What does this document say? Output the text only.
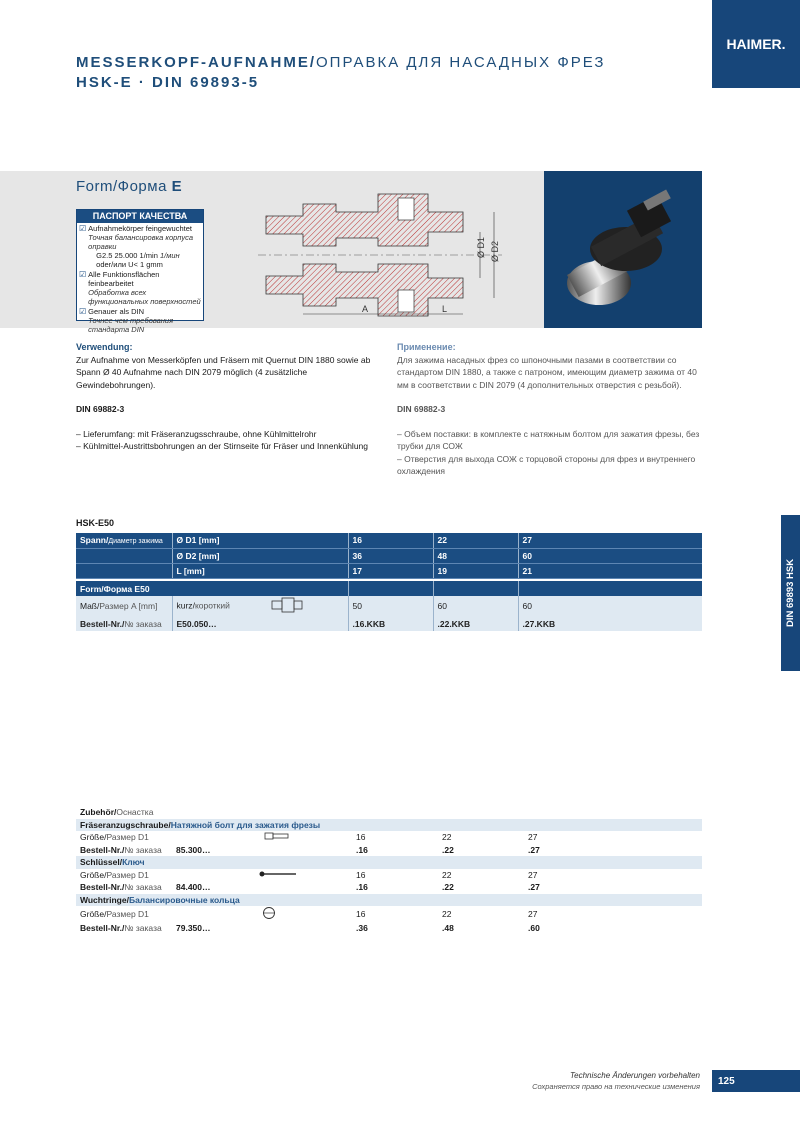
HAIMER.
MESSERKOPF-AUFNAHME/ОПРАВКА ДЛЯ НАСАДНЫХ ФРЕЗ
HSK-E · DIN 69893-5
Form/Форма E
ПАСПОРТ КАЧЕСТВА
☑ Aufnahmekörper feingewuchtet
Точная балансировка корпуса оправки
G2.5 25.000 1/min 1/мин
oder/или U< 1 gmm
☑ Alle Funktionsflächen feinbearbeitet
Обработка всех функциональных поверхностей
☑ Genauer als DIN
Точнее чем требования стандарта DIN
A	L
Ø D1 Ø D2
Verwendung:
Zur Aufnahme von Messerköpfen und Fräsern mit Quernut DIN 1880 sowie ab Spann Ø 40 Aufnahme nach DIN 2079 möglich (4 zusätzliche Gewindebohrungen).
DIN 69882-3
– Lieferumfang: mit Fräseranzugsschraube, ohne Kühlmittelrohr
– Kühlmittel-Austrittsbohrungen an der Stirnseite für Fräser und Innenkühlung
Применение:
Для зажима насадных фрез со шпоночными пазами в соответствии со стандартом DIN 1880, а также с патроном, имеющим диаметр зажима от 40 мм в соответствии с DIN 2079 (4 дополнительных отверстия с резьбой).
DIN 69882-3
– Объем поставки: в комплекте с натяжным болтом для зажатия фрезы, без трубки для СОЖ
– Отверстия для выхода СОЖ с торцовой стороны для фрез и внутреннего охлаждения
HSK-E50
Spann/Диаметр зажима	Ø D1 [mm]	16	22	27
	Ø D2 [mm]	36	48	60
	L [mm]	17	19	21

Form/Форма E50				
Maß/Размер A [mm]	kurz/короткий	50	60	60
Bestell-Nr./№ заказа	E50.050…	.16.KKB	.22.KKB	.27.KKB	DIN 69893 HSK
Zubehör/Оснастка				
Fräseranzugschraube/Натяжной болт для зажатия фрезы				
Größe/Размер D1		16	22	27
Bestell-Nr./№ заказа	85.300…	.16	.22	.27
Schlüssel/Ключ				
Größe/Размер D1		16	22	27
Bestell-Nr./№ заказа	84.400…	.16	.22	.27
Wuchtringe/Балансировочные кольца				
Größe/Размер D1		16	22	27
Bestell-Nr./№ заказа	79.350…	.36	.48	.60
Technische Änderungen vorbehalten
Сохраняется право на технические изменения	125
